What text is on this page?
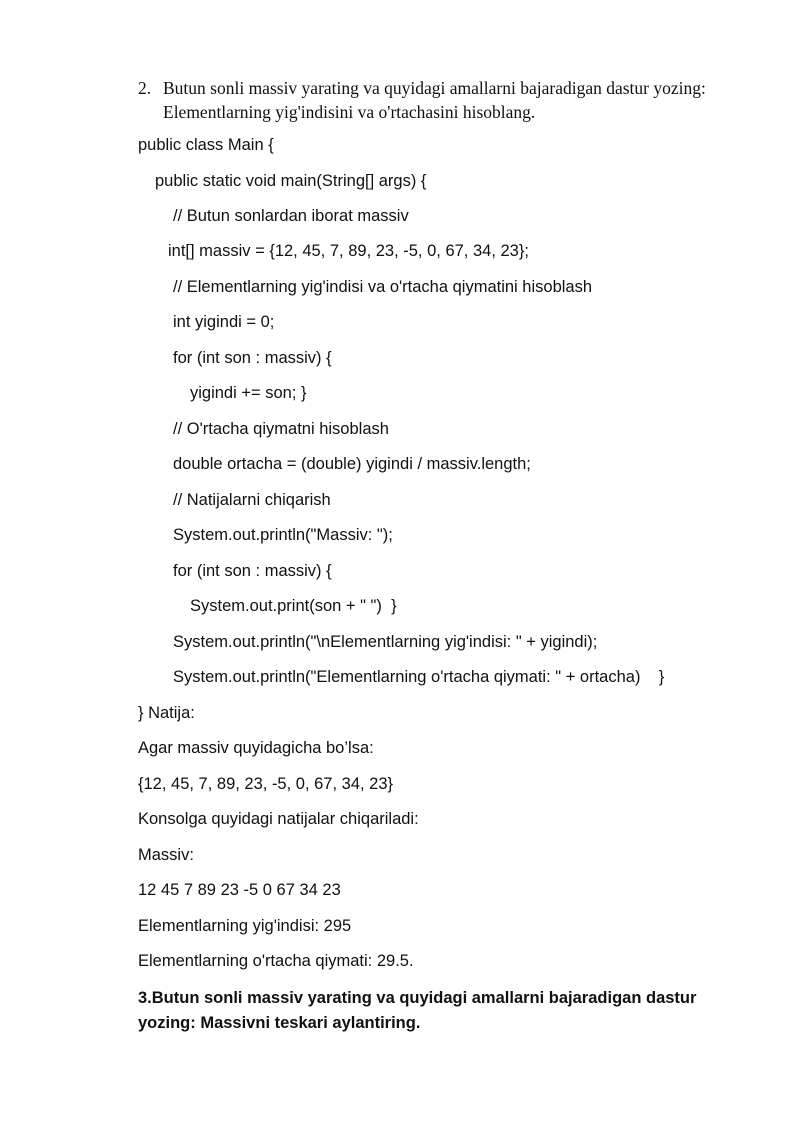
2. Butun sonli massiv yarating va quyidagi amallarni bajaradigan dastur yozing: Elementlarning yig'indisini va o'rtachasini hisoblang.
public class Main {
public static void main(String[] args) {
// Butun sonlardan iborat massiv
int[] massiv = {12, 45, 7, 89, 23, -5, 0, 67, 34, 23};
// Elementlarning yig'indisi va o'rtacha qiymatini hisoblash
int yigindi = 0;
for (int son : massiv) {
yigindi += son; }
// O'rtacha qiymatni hisoblash
double ortacha = (double) yigindi / massiv.length;
// Natijalarni chiqarish
System.out.println("Massiv: ");
for (int son : massiv) {
System.out.print(son + " ")  }
System.out.println("\nElementlarning yig'indisi: " + yigindi);
System.out.println("Elementlarning o'rtacha qiymati: " + ortacha)    }
} Natija:
Agar massiv quyidagicha bo’lsa:
{12, 45, 7, 89, 23, -5, 0, 67, 34, 23}
Konsolga quyidagi natijalar chiqariladi:
Massiv:
12 45 7 89 23 -5 0 67 34 23
Elementlarning yig'indisi: 295
Elementlarning o'rtacha qiymati: 29.5.
3.Butun sonli massiv yarating va quyidagi amallarni bajaradigan dastur yozing: Massivni teskari aylantiring.
